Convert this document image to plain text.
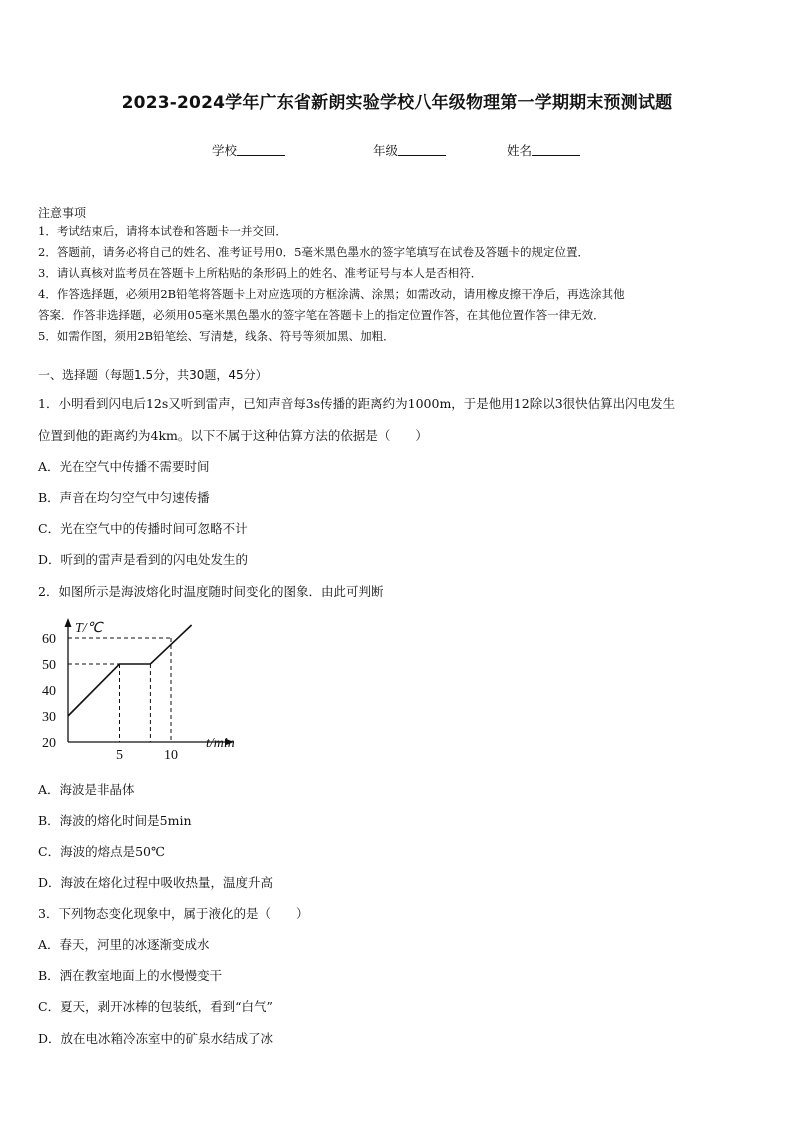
2023-2024学年广东省新朗实验学校八年级物理第一学期期末预测试题
学校	年级	姓名
注意事项
1．考试结束后，请将本试卷和答题卡一并交回．
2．答题前，请务必将自己的姓名、准考证号用0．5毫米黑色墨水的签字笔填写在试卷及答题卡的规定位置．
3．请认真核对监考员在答题卡上所粘贴的条形码上的姓名、准考证号与本人是否相符．
4．作答选择题，必须用2B铅笔将答题卡上对应选项的方框涂满、涂黑；如需改动，请用橡皮擦干净后，再选涂其他
答案．作答非选择题，必须用05毫米黑色墨水的签字笔在答题卡上的指定位置作答，在其他位置作答一律无效．
5．如需作图，须用2B铅笔绘、写清楚，线条、符号等须加黑、加粗．
一、选择题（每题1.5分，共30题，45分）
1．小明看到闪电后12s又听到雷声，已知声音每3s传播的距离约为1000m，于是他用12除以3很快估算出闪电发生
位置到他的距离约为4km。以下不属于这种估算方法的依据是（　　）
A．光在空气中传播不需要时间
B．声音在均匀空气中匀速传播
C．光在空气中的传播时间可忽略不计
D．听到的雷声是看到的闪电处发生的
2．如图所示是海波熔化时温度随时间变化的图象．由此可判断
T/℃
t/min
60
50
40
30
20
5	10
A．海波是非晶体
B．海波的熔化时间是5min
C．海波的熔点是50℃
D．海波在熔化过程中吸收热量，温度升高
3．下列物态变化现象中，属于液化的是（　　）
A．春天，河里的冰逐渐变成水
B．洒在教室地面上的水慢慢变干
C．夏天，剥开冰棒的包装纸，看到“白气”
D．放在电冰箱冷冻室中的矿泉水结成了冰
